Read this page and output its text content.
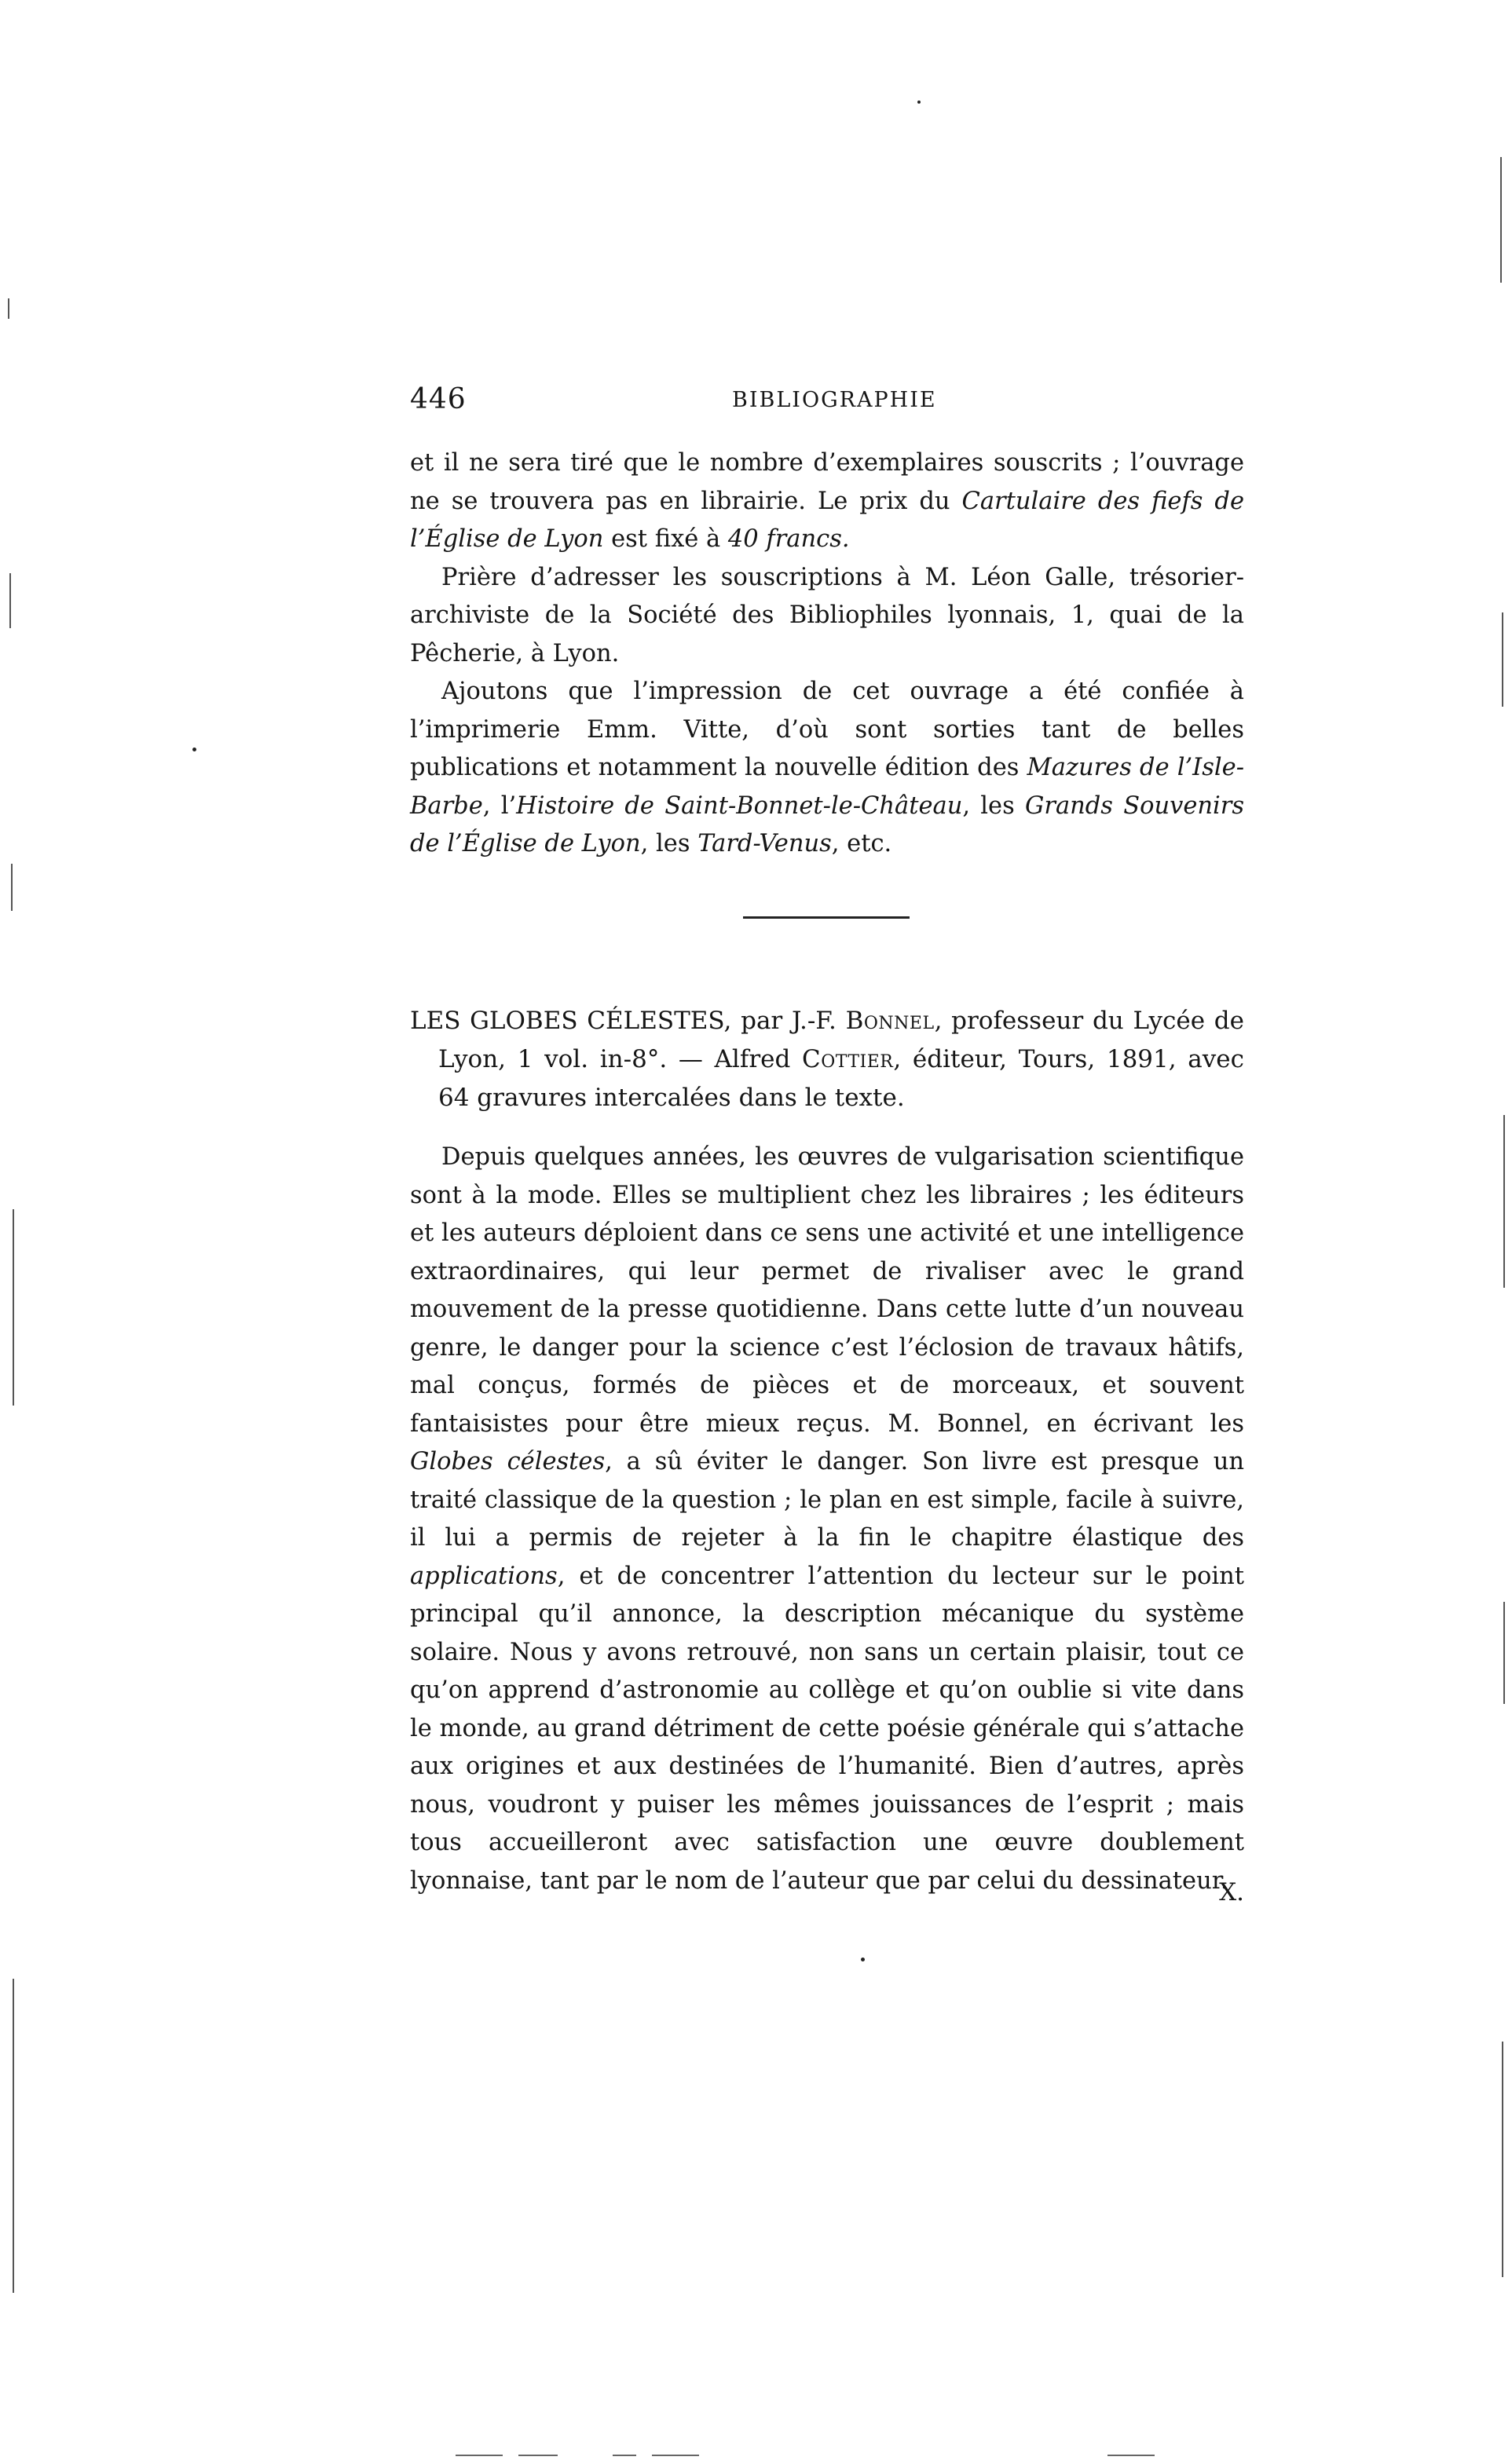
446	BIBLIOGRAPHIE

et il ne sera tiré que le nombre d’exemplaires souscrits ; l’ouvrage ne se trouvera pas en librairie. Le prix du Cartulaire des fiefs de l’Église de Lyon est fixé à 40 francs.

Prière d’adresser les souscriptions à M. Léon Galle, trésorier-archiviste de la Société des Bibliophiles lyonnais, 1, quai de la Pêcherie, à Lyon.

Ajoutons que l’impression de cet ouvrage a été confiée à l’imprimerie Emm. Vitte, d’où sont sorties tant de belles publications et notamment la nouvelle édition des Mazures de l’Isle-Barbe, l’Histoire de Saint-Bonnet-le-Château, les Grands Souvenirs de l’Église de Lyon, les Tard-Venus, etc.

LES GLOBES CÉLESTES, par J.-F. Bonnel, professeur du Lycée de Lyon, 1 vol. in-8°. — Alfred Cottier, éditeur, Tours, 1891, avec 64 gravures intercalées dans le texte.

Depuis quelques années, les œuvres de vulgarisation scientifique sont à la mode. Elles se multiplient chez les libraires ; les éditeurs et les auteurs déploient dans ce sens une activité et une intelligence extraordinaires, qui leur permet de rivaliser avec le grand mouvement de la presse quotidienne. Dans cette lutte d’un nouveau genre, le danger pour la science c’est l’éclosion de travaux hâtifs, mal conçus, formés de pièces et de morceaux, et souvent fantaisistes pour être mieux reçus. M. Bonnel, en écrivant les Globes célestes, a sû éviter le danger. Son livre est presque un traité classique de la question ; le plan en est simple, facile à suivre, il lui a permis de rejeter à la fin le chapitre élastique des applications, et de concentrer l’attention du lecteur sur le point principal qu’il annonce, la description mécanique du système solaire. Nous y avons retrouvé, non sans un certain plaisir, tout ce qu’on apprend d’astronomie au collège et qu’on oublie si vite dans le monde, au grand détriment de cette poésie générale qui s’attache aux origines et aux destinées de l’humanité. Bien d’autres, après nous, voudront y puiser les mêmes jouissances de l’esprit ; mais tous accueilleront avec satisfaction une œuvre doublement lyonnaise, tant par le nom de l’auteur que par celui du dessinateur.

X.
